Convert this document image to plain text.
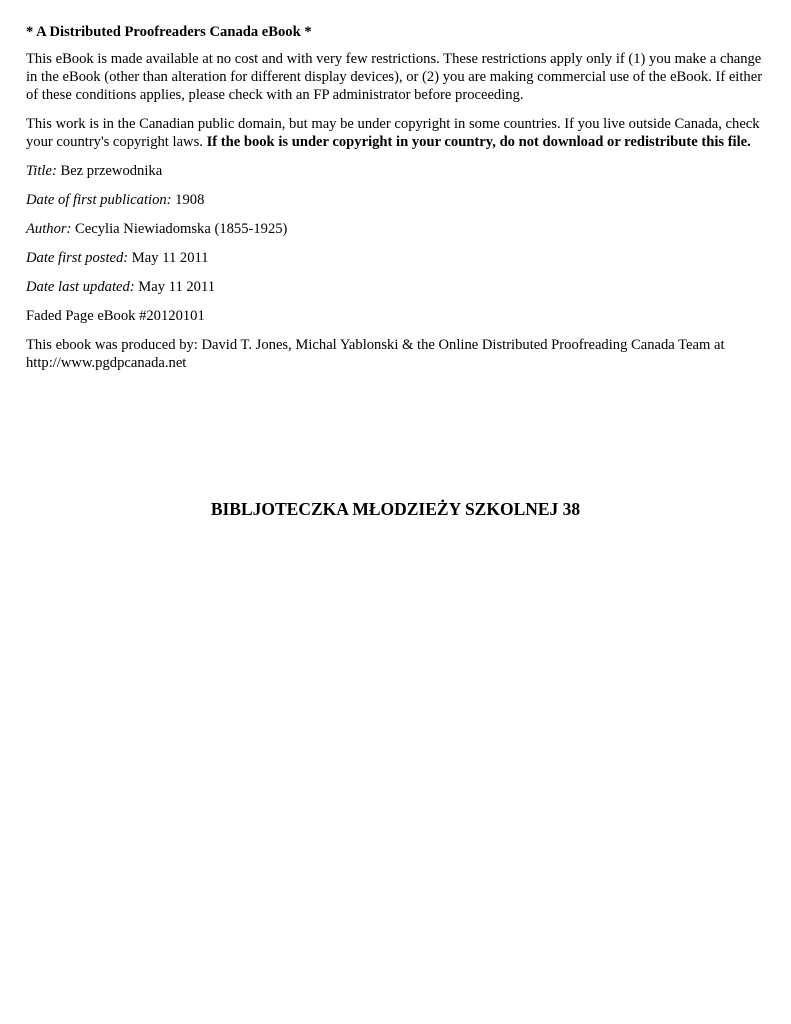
* A Distributed Proofreaders Canada eBook *

This eBook is made available at no cost and with very few restrictions. These restrictions apply only if (1) you make a change in the eBook (other than alteration for different display devices), or (2) you are making commercial use of the eBook. If either of these conditions applies, please check with an FP administrator before proceeding.

This work is in the Canadian public domain, but may be under copyright in some countries. If you live outside Canada, check your country's copyright laws. If the book is under copyright in your country, do not download or redistribute this file.

Title: Bez przewodnika

Date of first publication: 1908

Author: Cecylia Niewiadomska (1855-1925)

Date first posted: May 11 2011

Date last updated: May 11 2011

Faded Page eBook #20120101

This ebook was produced by: David T. Jones, Michal Yablonski & the Online Distributed Proofreading Canada Team at http://www.pgdpcanada.net

BIBLJOTECZKA MŁODZIEŻY SZKOLNEJ 38
